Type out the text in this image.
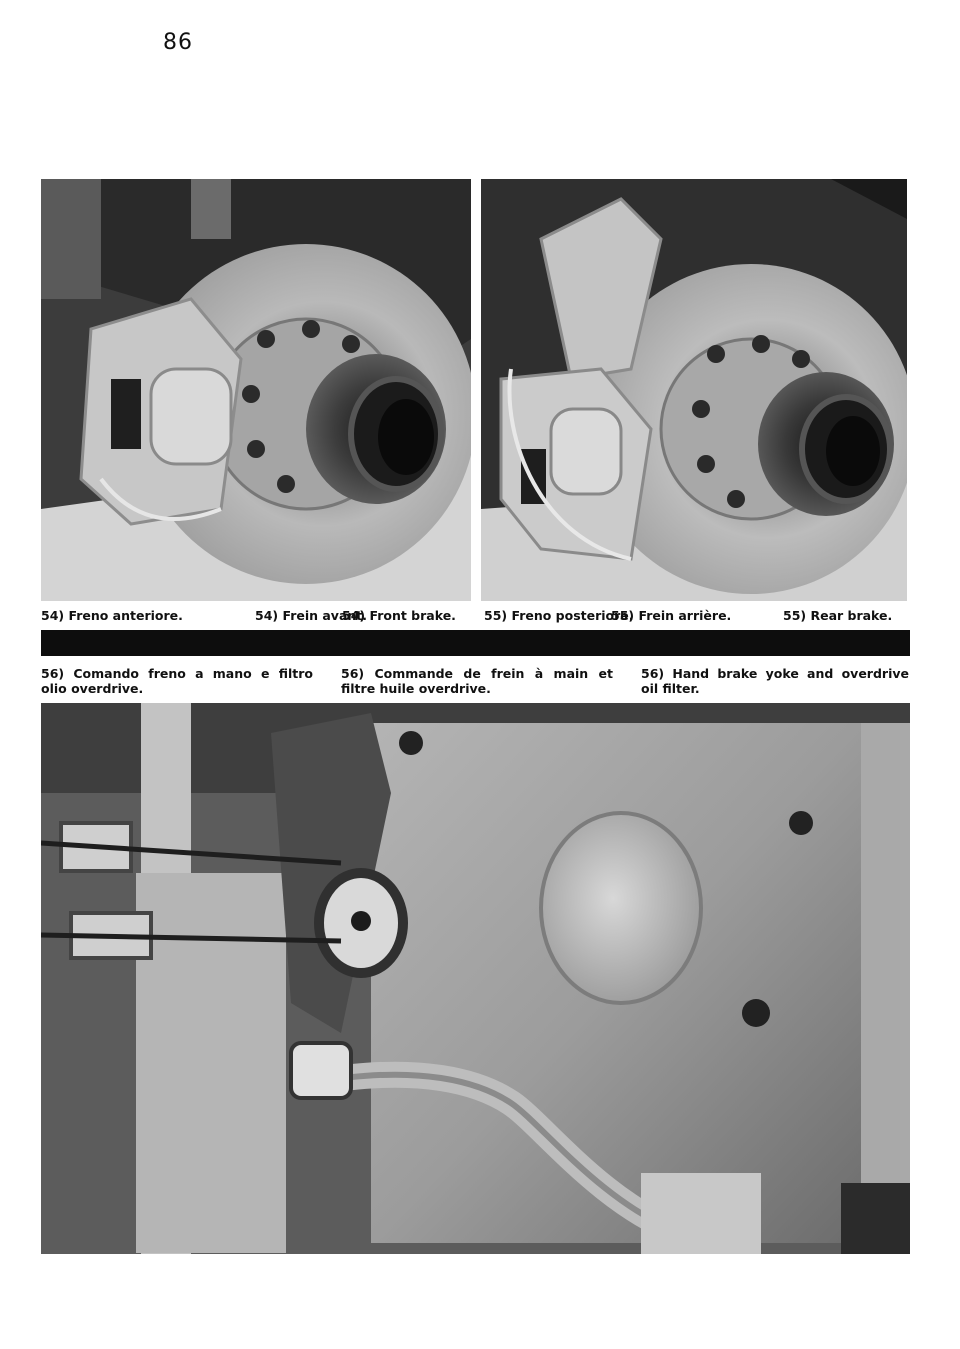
86
54) Freno anteriore.	54) Frein avant.
54) Front brake. 55) Freno posteriore.
55) Frein arrière.	55) Rear brake.
56) Comando freno a mano e filtro olio overdrive.
56) Commande de frein à main et filtre huile overdrive.
56) Hand brake yoke and overdrive oil filter.
